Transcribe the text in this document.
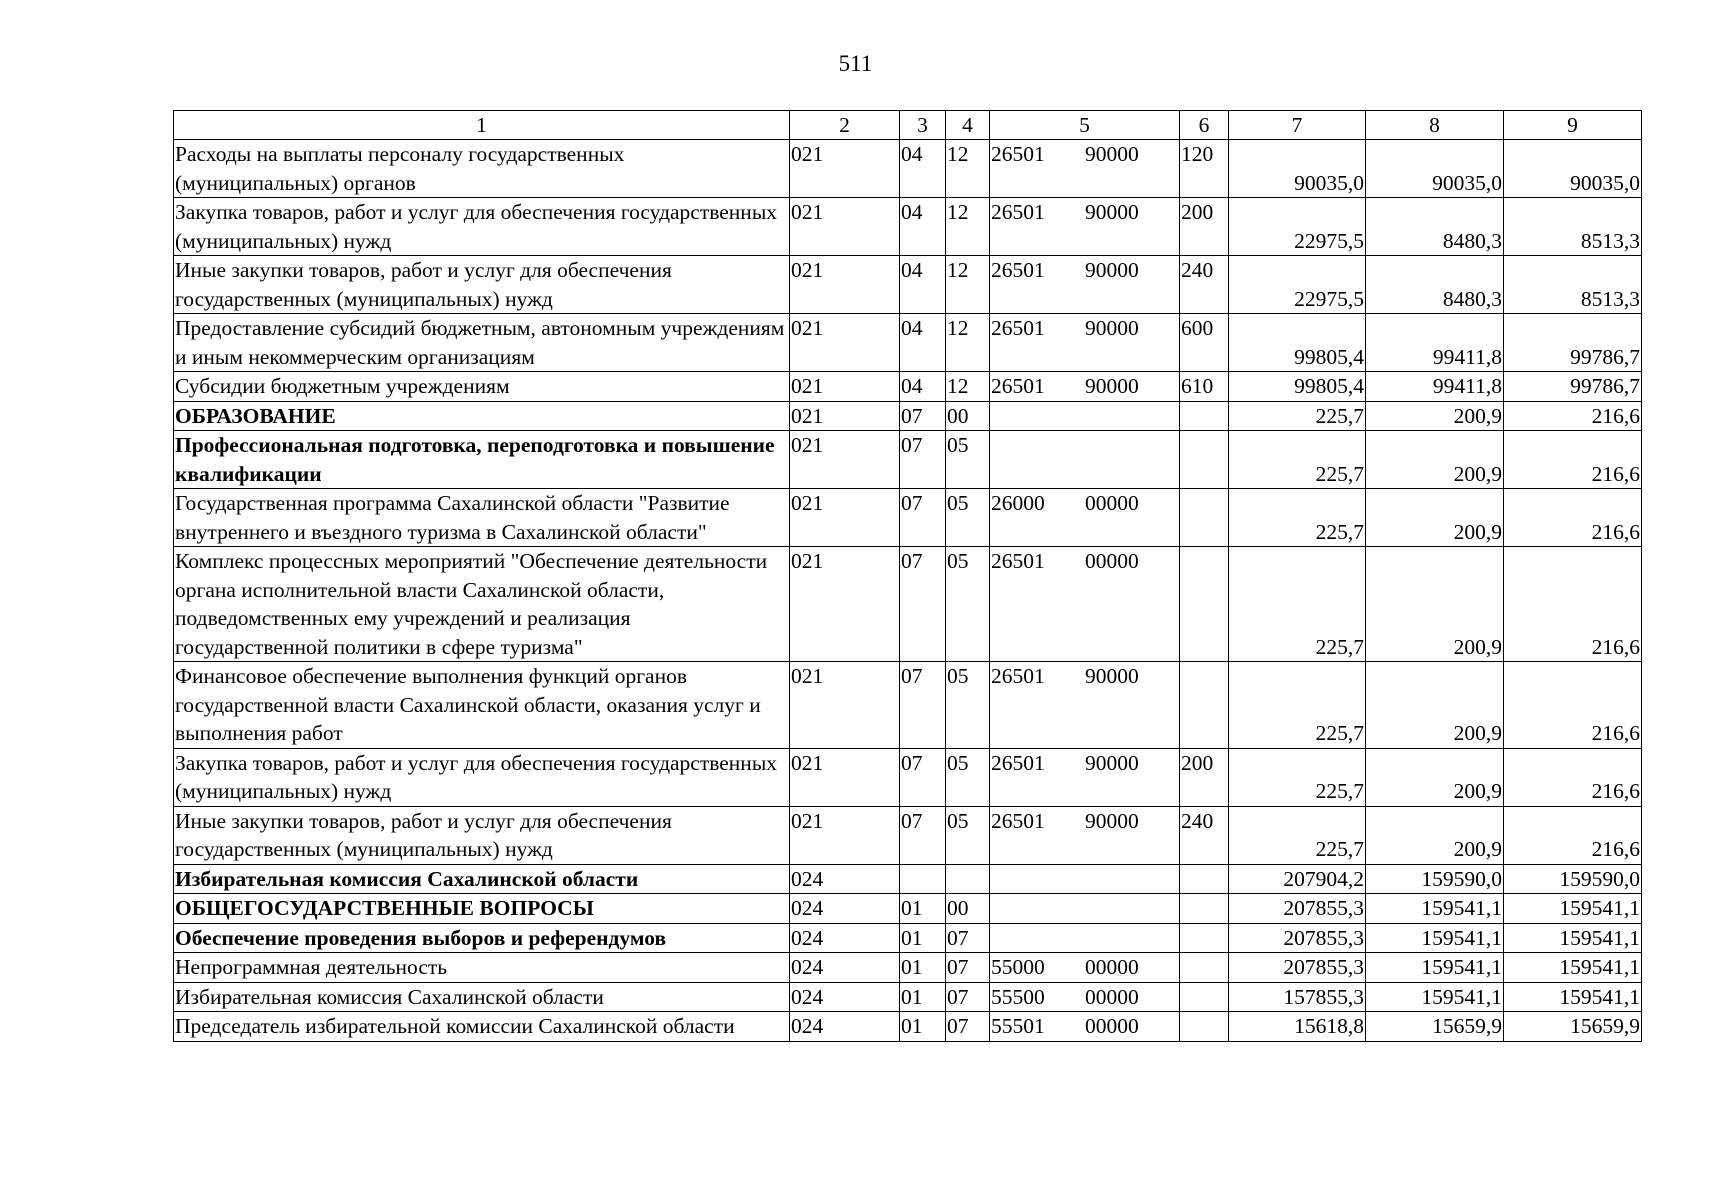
511
1	2	3	4	5	6	7	8	9
Расходы на выплаты персоналу государственных (муниципальных) органов	021	04	12	26501 90000	120	90035,0	90035,0	90035,0
Закупка товаров, работ и услуг для обеспечения государственных (муниципальных) нужд	021	04	12	26501 90000	200	22975,5	8480,3	8513,3
Иные закупки товаров, работ и услуг для обеспечения государственных (муниципальных) нужд	021	04	12	26501 90000	240	22975,5	8480,3	8513,3
Предоставление субсидий бюджетным, автономным учреждениям и иным некоммерческим организациям	021	04	12	26501 90000	600	99805,4	99411,8	99786,7
Субсидии бюджетным учреждениям	021	04	12	26501 90000	610	99805,4	99411,8	99786,7
ОБРАЗОВАНИЕ	021	07	00			225,7	200,9	216,6
Профессиональная подготовка, переподготовка и повышение квалификации	021	07	05			225,7	200,9	216,6
Государственная программа Сахалинской области "Развитие внутреннего и въездного туризма в Сахалинской области"	021	07	05	26000 00000		225,7	200,9	216,6
Комплекс процессных мероприятий "Обеспечение деятельности органа исполнительной власти Сахалинской области, подведомственных ему учреждений и реализация государственной политики в сфере туризма"	021	07	05	26501 00000		225,7	200,9	216,6
Финансовое обеспечение выполнения функций органов государственной власти Сахалинской области, оказания услуг и выполнения работ	021	07	05	26501 90000		225,7	200,9	216,6
Закупка товаров, работ и услуг для обеспечения государственных (муниципальных) нужд	021	07	05	26501 90000	200	225,7	200,9	216,6
Иные закупки товаров, работ и услуг для обеспечения государственных (муниципальных) нужд	021	07	05	26501 90000	240	225,7	200,9	216,6
Избирательная комиссия Сахалинской области	024					207904,2	159590,0	159590,0
ОБЩЕГОСУДАРСТВЕННЫЕ ВОПРОСЫ	024	01	00			207855,3	159541,1	159541,1
Обеспечение проведения выборов и референдумов	024	01	07			207855,3	159541,1	159541,1
Непрограммная деятельность	024	01	07	55000 00000		207855,3	159541,1	159541,1
Избирательная комиссия Сахалинской области	024	01	07	55500 00000		157855,3	159541,1	159541,1
Председатель избирательной комиссии Сахалинской области	024	01	07	55501 00000		15618,8	15659,9	15659,9
